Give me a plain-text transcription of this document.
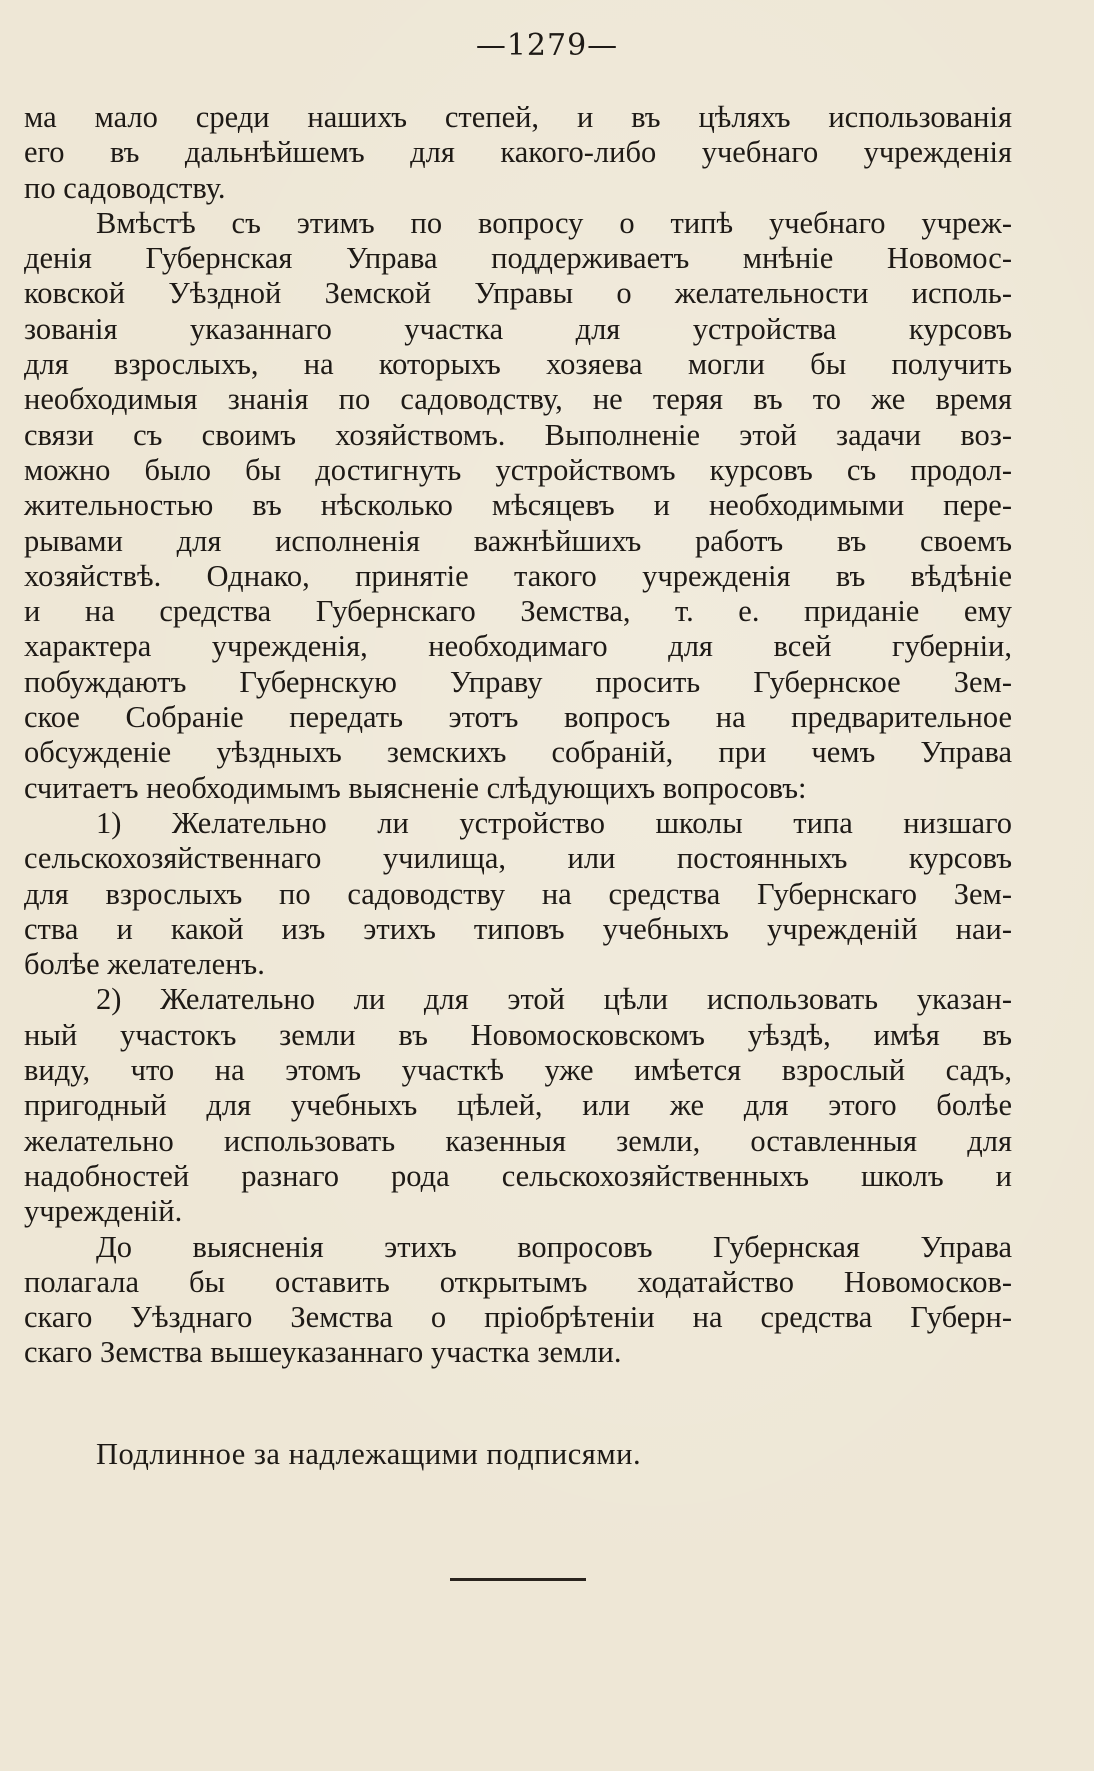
—1279—
ма мало среди нашихъ степей, и въ цѣляхъ использованія
его въ дальнѣйшемъ для какого-либо учебнаго учрежденія
по садоводству.
Вмѣстѣ съ этимъ по вопросу о типѣ учебнаго учреж-
денія Губернская Управа поддерживаетъ мнѣніе Новомос-
ковской Уѣздной Земской Управы о желательности исполь-
зованія указаннаго участка для устройства курсовъ
для взрослыхъ, на которыхъ хозяева могли бы получить
необходимыя знанія по садоводству, не теряя въ то же время
связи съ своимъ хозяйствомъ. Выполненіе этой задачи воз-
можно было бы достигнуть устройствомъ курсовъ съ продол-
жительностью въ нѣсколько мѣсяцевъ и необходимыми пере-
рывами для исполненія важнѣйшихъ работъ въ своемъ
хозяйствѣ. Однако, принятіе такого учрежденія въ вѣдѣніе
и на средства Губернскаго Земства, т. е. приданіе ему
характера учрежденія, необходимаго для всей губерніи,
побуждаютъ Губернскую Управу просить Губернское Зем-
ское Собраніе передать этотъ вопросъ на предварительное
обсужденіе уѣздныхъ земскихъ собраній, при чемъ Управа
считаетъ необходимымъ выясненіе слѣдующихъ вопросовъ:
1) Желательно ли устройство школы типа низшаго
сельскохозяйственнаго училища, или постоянныхъ курсовъ
для взрослыхъ по садоводству на средства Губернскаго Зем-
ства и какой изъ этихъ типовъ учебныхъ учрежденій наи-
болѣе желателенъ.
2) Желательно ли для этой цѣли использовать указан-
ный участокъ земли въ Новомосковскомъ уѣздѣ, имѣя въ
виду, что на этомъ участкѣ уже имѣется взрослый садъ,
пригодный для учебныхъ цѣлей, или же для этого болѣе
желательно использовать казенныя земли, оставленныя для
надобностей разнаго рода сельскохозяйственныхъ школъ и
учрежденій.
До выясненія этихъ вопросовъ Губернская Управа
полагала бы оставить открытымъ ходатайство Новомосков-
скаго Уѣзднаго Земства о пріобрѣтеніи на средства Губерн-
скаго Земства вышеуказаннаго участка земли.
Подлинное за надлежащими подписями.
